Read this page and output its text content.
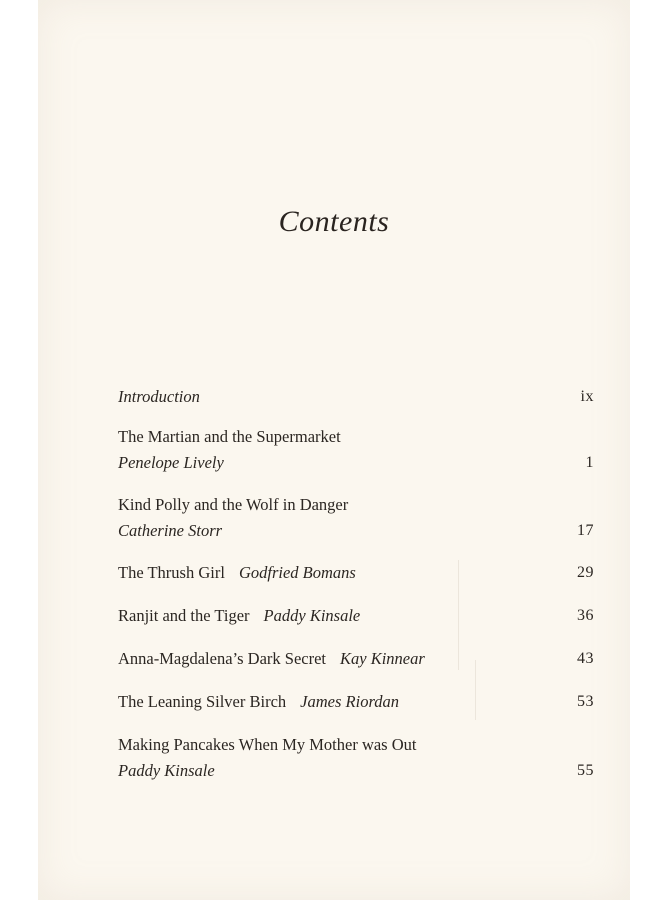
Contents
Introduction	ix
The Martian and the Supermarket
Penelope Lively	1
Kind Polly and the Wolf in Danger
Catherine Storr	17
The Thrush Girl Godfried Bomans	29
Ranjit and the Tiger Paddy Kinsale	36
Anna-Magdalena’s Dark Secret Kay Kinnear	43
The Leaning Silver Birch James Riordan	53
Making Pancakes When My Mother was Out
Paddy Kinsale	55
